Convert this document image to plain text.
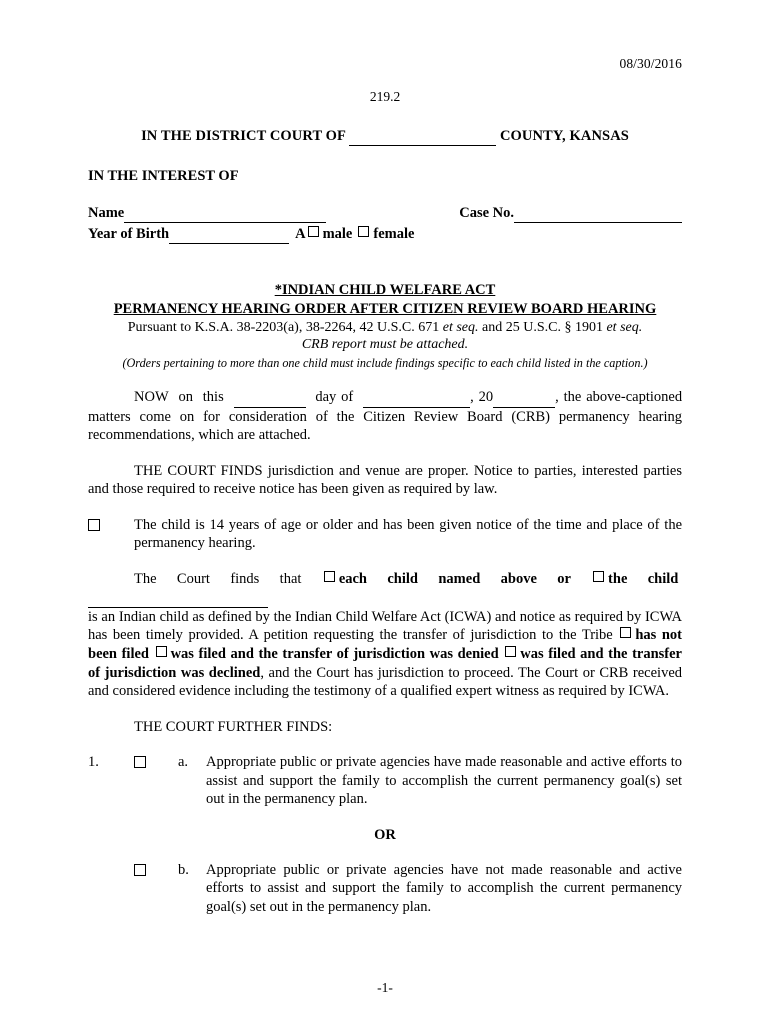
08/30/2016
219.2
IN THE DISTRICT COURT OF	COUNTY, KANSAS
IN THE INTEREST OF
Name
	Case No.

Year of Birth
	A male female
*INDIAN CHILD WELFARE ACT
PERMANENCY HEARING ORDER AFTER CITIZEN REVIEW BOARD HEARING
Pursuant to K.S.A. 38-2203(a), 38-2264, 42 U.S.C. 671 et seq. and 25 U.S.C. § 1901 et seq.
CRB report must be attached.
(Orders pertaining to more than one child must include findings specific to each child listed in the caption.)
NOW on this	day of	, 20	, the above-captioned matters come on for consideration of the Citizen Review Board (CRB) permanency hearing recommendations, which are attached.
THE COURT FINDS jurisdiction and venue are proper. Notice to parties, interested parties and those required to receive notice has been given as required by law.
The child is 14 years of age or older and has been given notice of the time and place of the permanency hearing.
The Court finds that each child named above or the child
is an Indian child as defined by the Indian Child Welfare Act (ICWA) and notice as required by ICWA has been timely provided. A petition requesting the transfer of jurisdiction to the Tribe has not been filed was filed and the transfer of jurisdiction was denied was filed and the transfer of jurisdiction was declined, and the Court has jurisdiction to proceed. The Court or CRB received and considered evidence including the testimony of a qualified expert witness as required by ICWA.
THE COURT FURTHER FINDS:
1.	a.	Appropriate public or private agencies have made reasonable and active efforts to assist and support the family to accomplish the current permanency goal(s) set out in the permanency plan.
OR
b.	Appropriate public or private agencies have not made reasonable and active efforts to assist and support the family to accomplish the current permanency goal(s) set out in the permanency plan.
-1-
